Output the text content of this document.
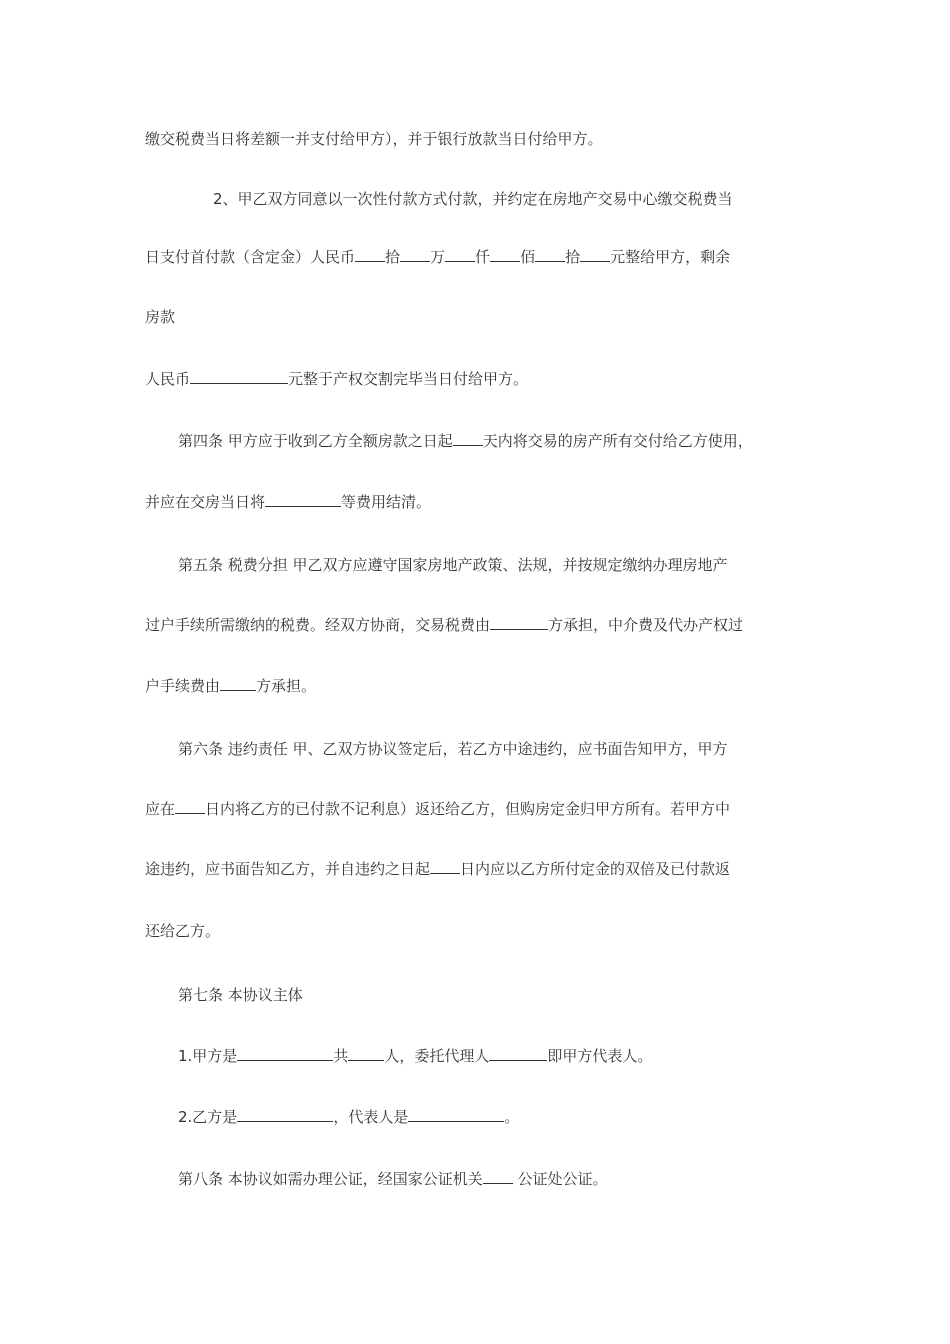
缴交税费当日将差额一并支付给甲方），并于银行放款当日付给甲方。
2、甲乙双方同意以一次性付款方式付款，并约定在房地产交易中心缴交税费当
日支付首付款（含定金）人民币 拾 万 仟 佰 拾 元整给甲方，剩余
房款
人民币	元整于产权交割完毕当日付给甲方。
第四条 甲方应于收到乙方全额房款之日起 天内将交易的房产所有交付给乙方使用，
并应在交房当日将	等费用结清。
第五条 税费分担 甲乙双方应遵守国家房地产政策、法规，并按规定缴纳办理房地产
过户手续所需缴纳的税费。经双方协商，交易税费由	方承担，中介费及代办产权过
户手续费由 方承担。
第六条 违约责任 甲、乙双方协议签定后，若乙方中途违约，应书面告知甲方，甲方
应在 日内将乙方的已付款不记利息）返还给乙方，但购房定金归甲方所有。若甲方中
途违约，应书面告知乙方，并自违约之日起 日内应以乙方所付定金的双倍及已付款返
还给乙方。
第七条 本协议主体
1.甲方是	共 人，委托代理人	即甲方代表人。
2.乙方是	，代表人是	。
第八条 本协议如需办理公证，经国家公证机关 公证处公证。
